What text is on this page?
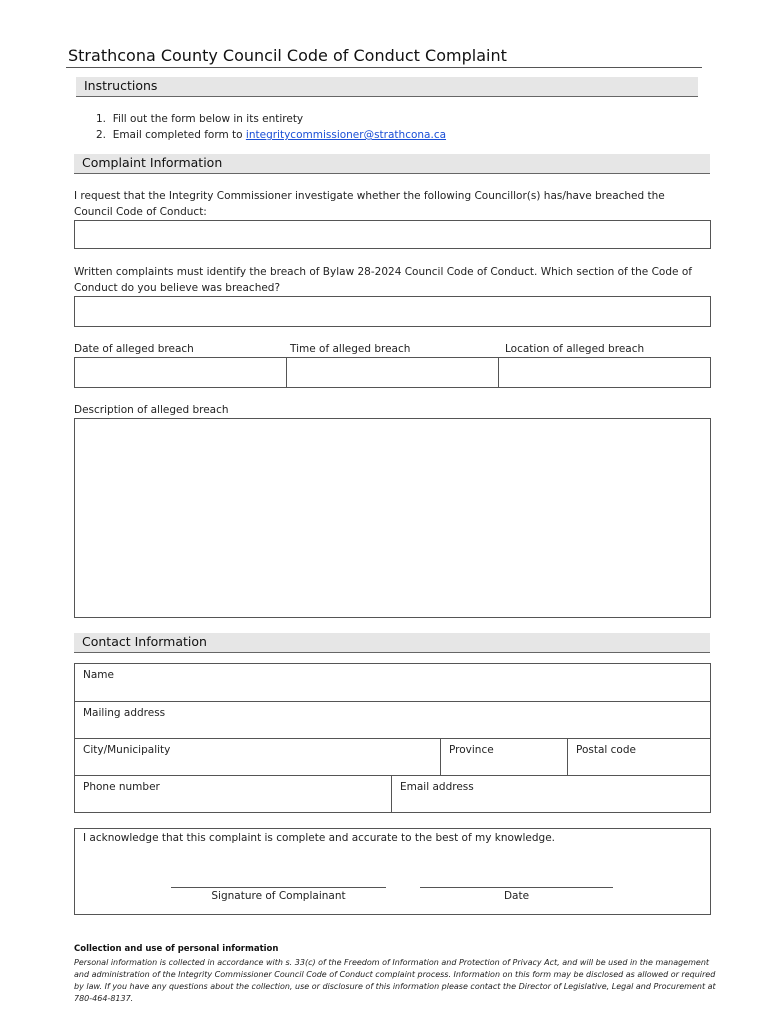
Strathcona County Council Code of Conduct Complaint
Instructions
1.  Fill out the form below in its entirety
2.  Email completed form to integritycommissioner@strathcona.ca
Complaint Information
I request that the Integrity Commissioner investigate whether the following Councillor(s) has/have breached the
Council Code of Conduct:
Written complaints must identify the breach of Bylaw 28-2024 Council Code of Conduct. Which section of the Code of
Conduct do you believe was breached?
Date of alleged breach	Time of alleged breach	Location of alleged breach
Description of alleged breach
Contact Information
Name
Mailing address
City/Municipality	Province	Postal code
Phone number	Email address
I acknowledge that this complaint is complete and accurate to the best of my knowledge.
Signature of Complainant	Date
Collection and use of personal information
Personal information is collected in accordance with s. 33(c) of the Freedom of Information and Protection of Privacy Act, and will be used in the management
and administration of the Integrity Commissioner Council Code of Conduct complaint process. Information on this form may be disclosed as allowed or required
by law. If you have any questions about the collection, use or disclosure of this information please contact the Director of Legislative, Legal and Procurement at
780-464-8137.
